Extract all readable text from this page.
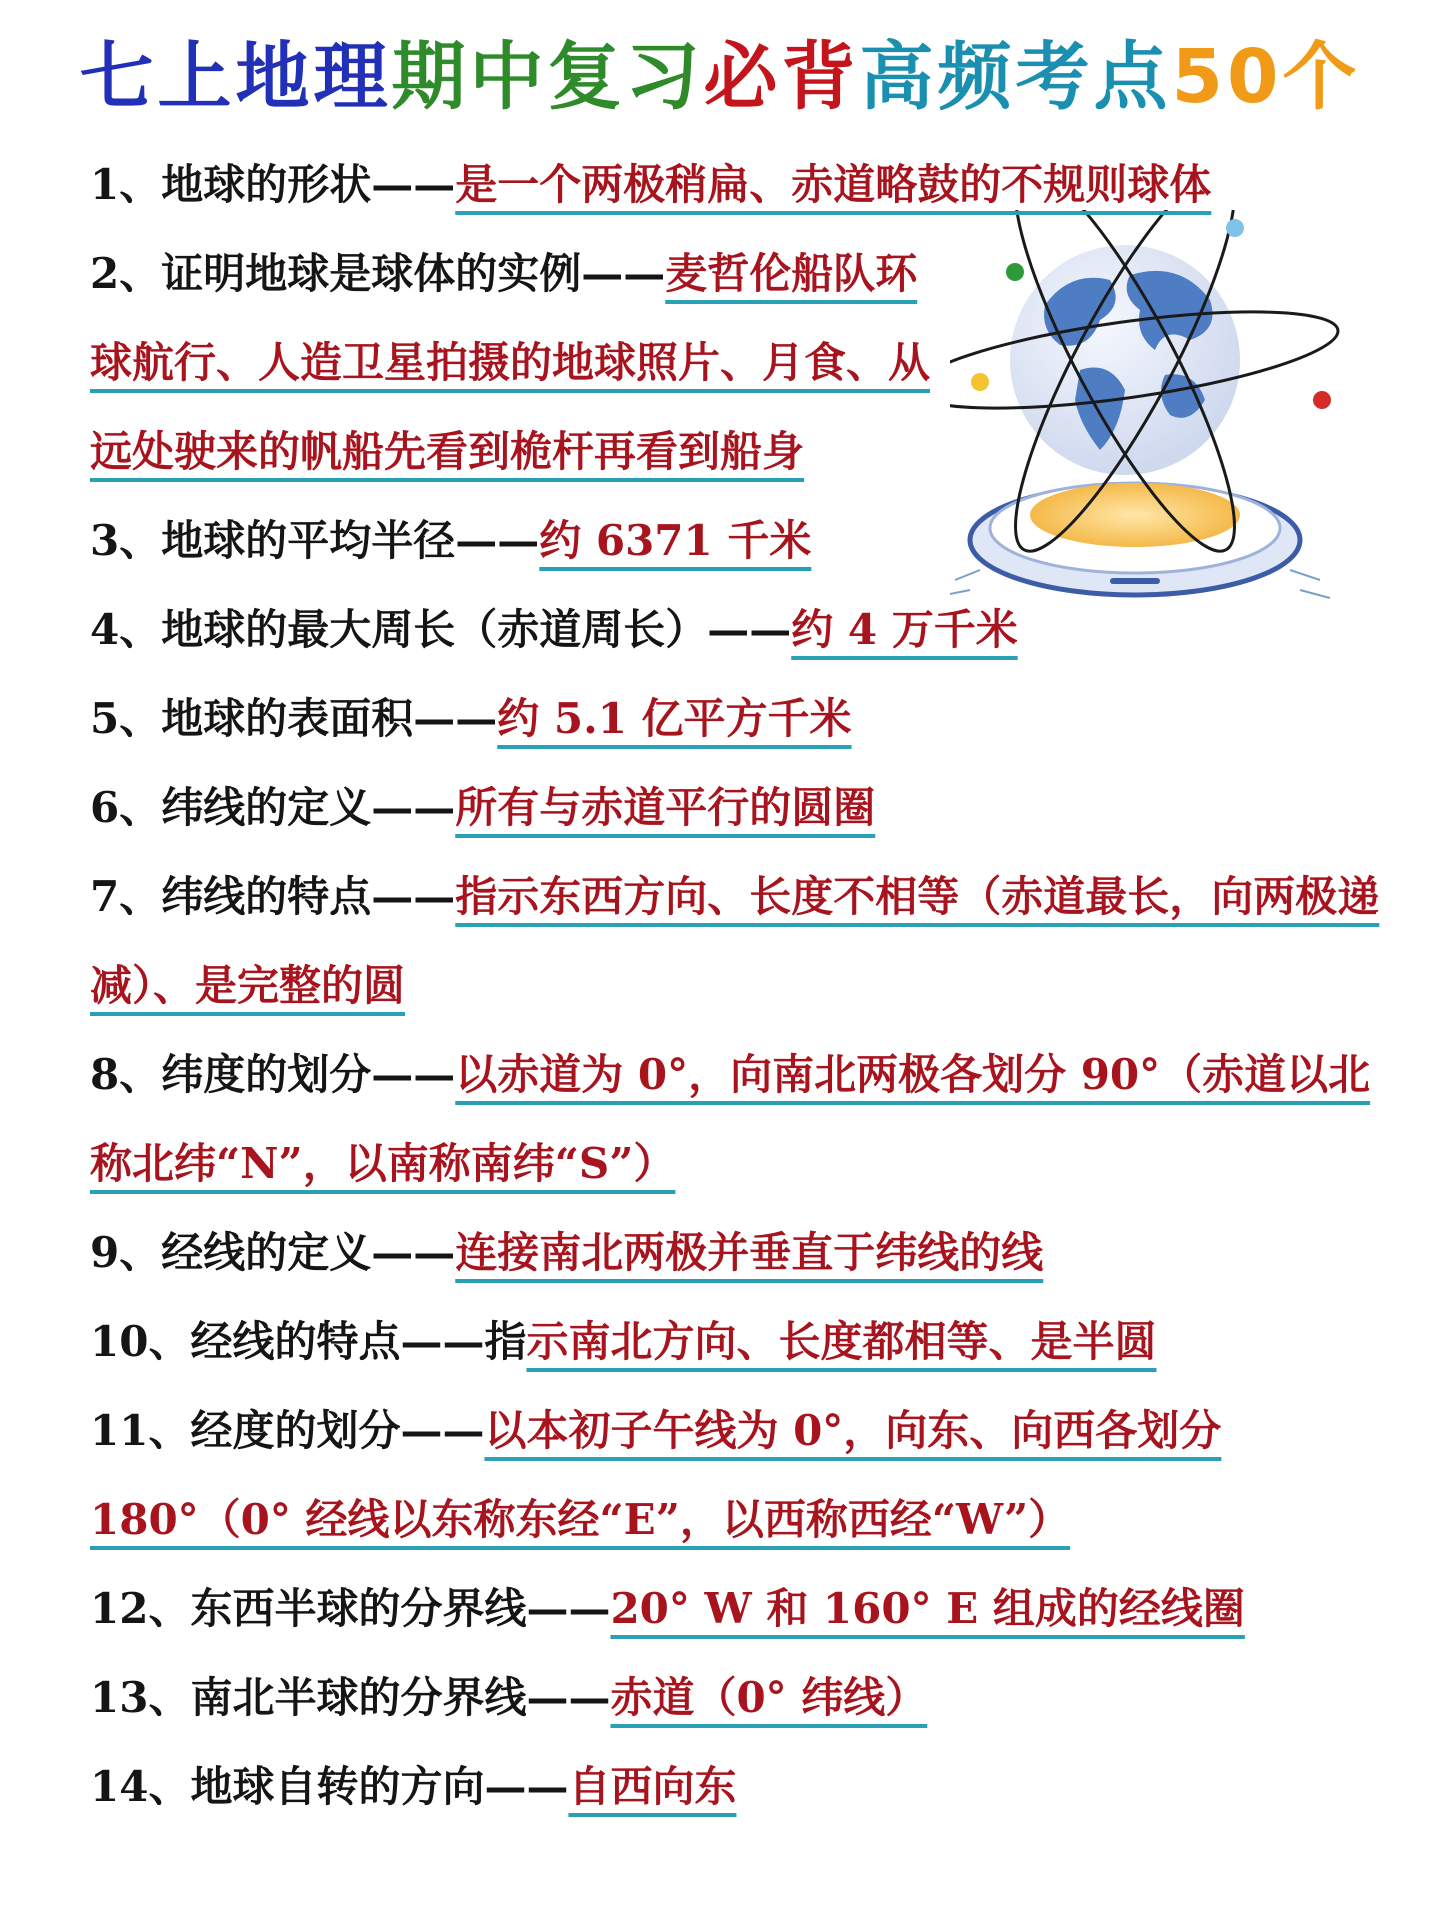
七上地理期中复习必背高频考点50个
1、地球的形状——是一个两极稍扁、赤道略鼓的不规则球体
2、证明地球是球体的实例——麦哲伦船队环球航行、人造卫星拍摄的地球照片、月食、从远处驶来的帆船先看到桅杆再看到船身
3、地球的平均半径——约 6371 千米
4、地球的最大周长（赤道周长）——约 4 万千米
5、地球的表面积——约 5.1 亿平方千米
6、纬线的定义——所有与赤道平行的圆圈
7、纬线的特点——指示东西方向、长度不相等（赤道最长，向两极递减）、是完整的圆
8、纬度的划分——以赤道为 0°，向南北两极各划分 90°（赤道以北称北纬“N”，以南称南纬“S”）
9、经线的定义——连接南北两极并垂直于纬线的线
10、经线的特点——指示南北方向、长度都相等、是半圆
11、经度的划分——以本初子午线为 0°，向东、向西各划分 180°（0° 经线以东称东经“E”，以西称西经“W”）
12、东西半球的分界线——20° W 和 160° E 组成的经线圈
13、南北半球的分界线——赤道（0° 纬线）
14、地球自转的方向——自西向东
